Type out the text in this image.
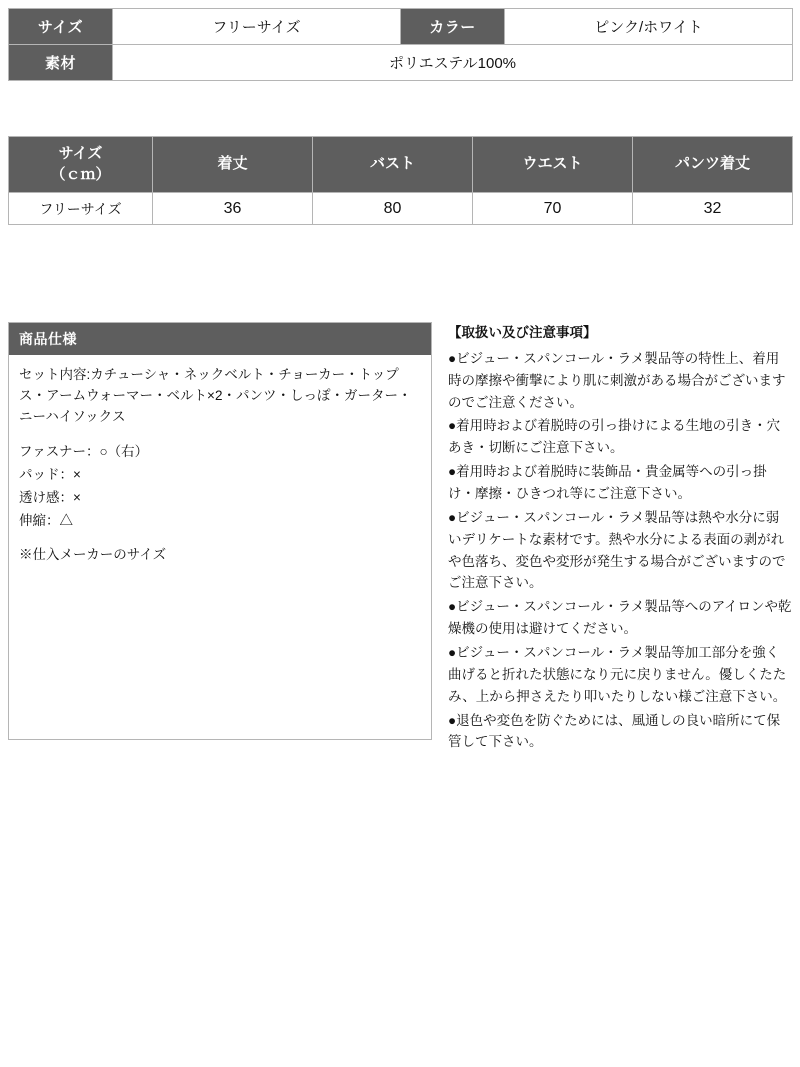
サイズ	フリーサイズ	カラー	ピンク/ホワイト
素材	ポリエステル100%		
サイズ
（ｃｍ）	着丈	バスト	ウエスト	パンツ着丈
フリーサイズ	36	80	70	32
商品仕様

セット内容:カチューシャ・ネックベルト・チョーカー・トップス・アームウォーマー・ベルト×2・パンツ・しっぽ・ガーター・ニーハイソックス

ファスナー：○（右）

パッド：×

透け感：×

伸縮：△

※仕入メーカーのサイズ

【取扱い及び注意事項】

●ビジュー・スパンコール・ラメ製品等の特性上、着用時の摩擦や衝撃により肌に刺激がある場合がございますのでご注意ください。
●着用時および着脱時の引っ掛けによる生地の引き・穴あき・切断にご注意下さい。
●着用時および着脱時に装飾品・貴金属等への引っ掛け・摩擦・ひきつれ等にご注意下さい。
●ビジュー・スパンコール・ラメ製品等は熱や水分に弱いデリケートな素材です。熱や水分による表面の剥がれや色落ち、変色や変形が発生する場合がございますのでご注意下さい。
●ビジュー・スパンコール・ラメ製品等へのアイロンや乾燥機の使用は避けてください。
●ビジュー・スパンコール・ラメ製品等加工部分を強く曲げると折れた状態になり元に戻りません。優しくたたみ、上から押さえたり叩いたりしない様ご注意下さい。
●退色や変色を防ぐためには、風通しの良い暗所にて保管して下さい。
